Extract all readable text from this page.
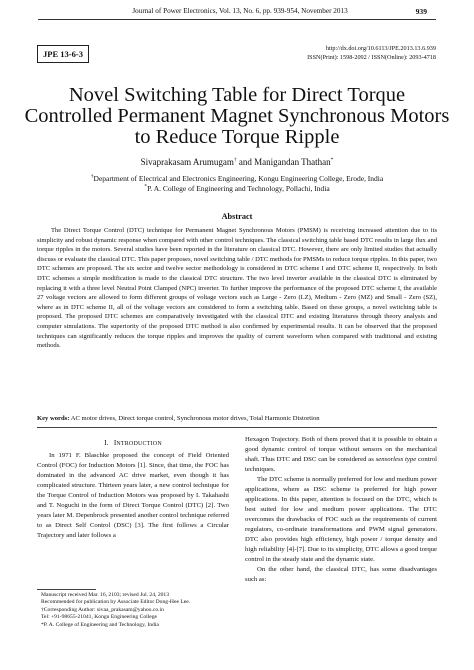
Journal of Power Electronics, Vol. 13, No. 6, pp. 939-954, November 2013	939
JPE 13-6-3
http://dx.doi.org/10.6113/JPE.2013.13.6.939
ISSN(Print): 1598-2092 / ISSN(Online): 2093-4718
Novel Switching Table for Direct Torque Controlled Permanent Magnet Synchronous Motors to Reduce Torque Ripple
Sivaprakasam Arumugam† and Manigandan Thathan*
†Department of Electrical and Electronics Engineering, Kongu Engineering College, Erode, India
*P. A. College of Engineering and Technology, Pollachi, India
Abstract

The Direct Torque Control (DTC) technique for Permanent Magnet Synchronous Motors (PMSM) is receiving increased attention due to its simplicity and robust dynamic response when compared with other control techniques. The classical switching table based DTC results in large flux and torque ripples in the motors. Several studies have been reported in the literature on classical DTC. However, there are only limited studies that actually discuss or evaluate the classical DTC. This paper proposes, novel switching table / DTC methods for PMSMs to reduce torque ripples. In this paper, two DTC schemes are proposed. The six sector and twelve sector methodology is considered in DTC scheme I and DTC scheme II, respectively. In both DTC schemes a simple modification is made to the classical DTC structure. The two level inverter available in the classical DTC is eliminated by replacing it with a three level Neutral Point Clamped (NPC) inverter. To further improve the performance of the proposed DTC scheme I, the available 27 voltage vectors are allowed to form different groups of voltage vectors such as Large - Zero (LZ), Medium - Zero (MZ) and Small - Zero (SZ), where as in DTC scheme II, all of the voltage vectors are considered to form a switching table. Based on these groups, a novel switching table is proposed. The proposed DTC schemes are comparatively investigated with the classical DTC and existing literatures through theory analysis and computer simulations. The superiority of the proposed DTC method is also confirmed by experimental results. It can be observed that the proposed techniques can significantly reduces the torque ripples and improves the quality of current waveform when compared with traditional and existing methods.

Key words: AC motor drives, Direct torque control, Synchronous motor drives, Total Harmonic Distortion
I. INTRODUCTION

In 1971 F. Blaschke proposed the concept of Field Oriented Control (FOC) for Induction Motors [1]. Since, that time, the FOC has dominated in the advanced AC drive market, even though it has complicated structure. Thirteen years later, a new control technique for the Torque Control of Induction Motors was proposed by I. Takahashi and T. Noguchi in the form of Direct Torque Control (DTC) [2]. Two years later M. Depenbrock presented another control technique referred to as Direct Self Control (DSC) [3]. The first follows a Circular Trajectory and later follows a

Hexagon Trajectory. Both of them proved that it is possible to obtain a good dynamic control of torque without sensors on the mechanical shaft. Thus DTC and DSC can be considered as sensorless type control techniques.

The DTC scheme is normally preferred for low and medium power applications, where as DSC scheme is preferred for high power applications. In this paper, attention is focused on the DTC, which is best suited for low and medium power applications. The DTC overcomes the drawbacks of FOC such as the requirements of current regulators, co-ordinate transformations and PWM signal generators. DTC also provides high efficiency, high power / torque density and high reliability [4]-[7]. Due to its simplicity, DTC allows a good torque control in the steady state and the dynamic state.

On the other hand, the classical DTC, has some disadvantages such as:

Manuscript received Mar. 16, 2103; revised Jul. 24, 2013
Recommended for publication by Associate Editor Dong-Hee Lee.
†Corresponding Author: sivaa_prakasam@yahoo.co.in
Tel: +91-98655-21041, Kongu Engineering College
*P. A. College of Engineering and Technology, India
